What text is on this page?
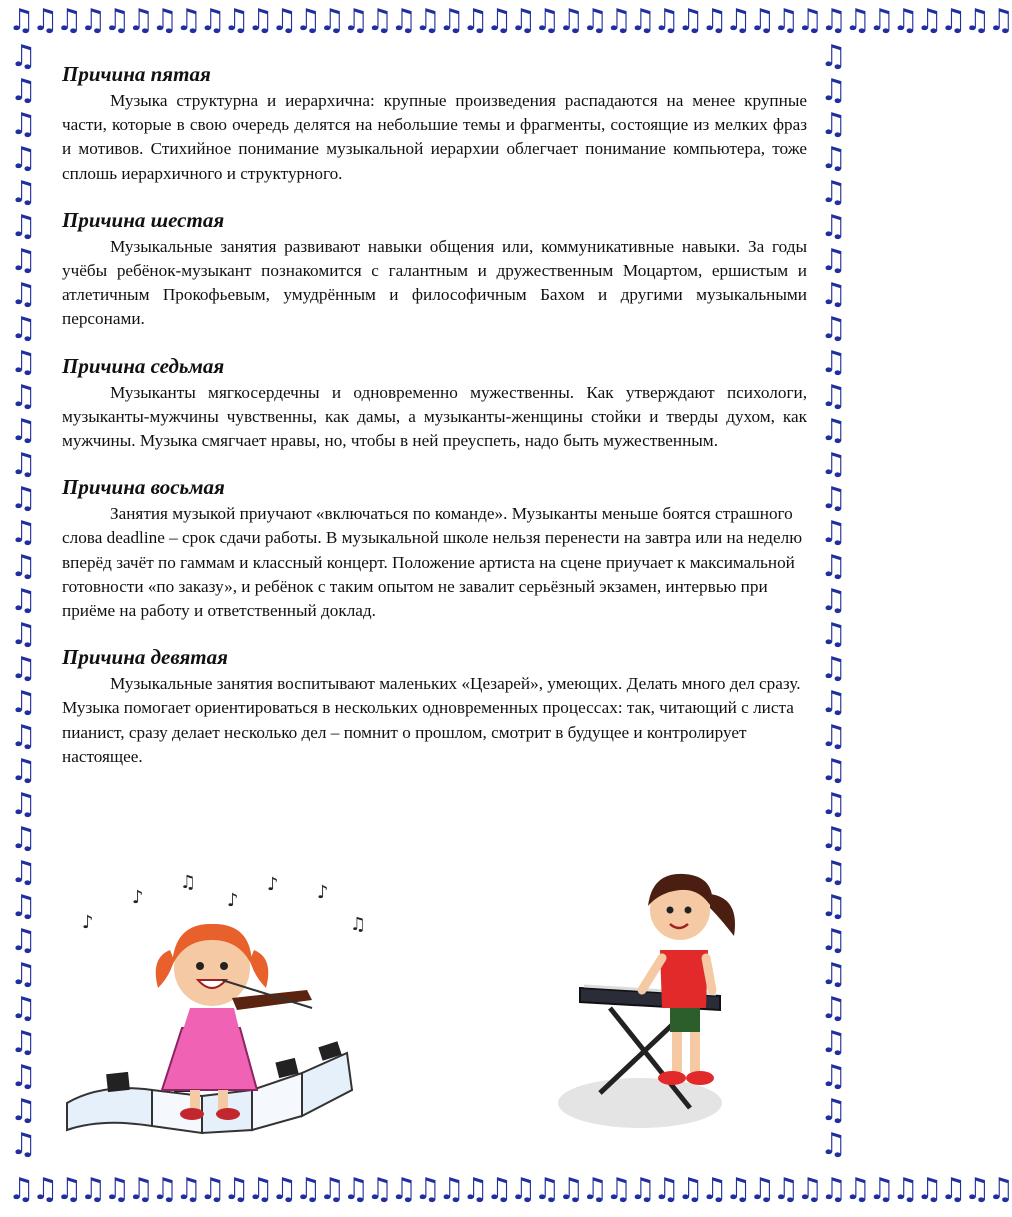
♫♫♫♫♫♫♫♫♫♫♫♫♫♫♫♫♫♫♫♫♫♫♫♫♫♫♫♫♫♫♫♫♫♫♫♫♫♫♫♫♫♫
♫♫♫♫♫♫♫♫♫♫♫♫♫♫♫♫♫♫♫♫♫♫♫♫♫♫♫♫♫♫♫♫♫♫♫♫♫♫♫♫♫♫
♫ ♫ ♫ ♫ ♫ ♫ ♫ ♫ ♫ ♫ ♫ ♫ ♫ ♫ ♫ ♫ ♫ ♫ ♫ ♫ ♫ ♫ ♫ ♫ ♫ ♫ ♫ ♫ ♫ ♫ ♫ ♫ ♫
♫ ♫ ♫ ♫ ♫ ♫ ♫ ♫ ♫ ♫ ♫ ♫ ♫ ♫ ♫ ♫ ♫ ♫ ♫ ♫ ♫ ♫ ♫ ♫ ♫ ♫ ♫ ♫ ♫ ♫ ♫ ♫ ♫
Причина пятая

Музыка структурна и иерархична: крупные произведения распадаются на менее крупные части, которые в свою очередь делятся на небольшие темы и фрагменты, состоящие из мелких фраз и мотивов. Стихийное понимание музыкальной иерархии облегчает понимание компьютера, тоже сплошь иерархичного и структурного.

Причина шестая

Музыкальные занятия развивают навыки общения или, коммуникативные навыки. За годы учёбы ребёнок-музыкант познакомится с галантным и дружественным Моцартом, ершистым и атлетичным Прокофьевым, умудрённым и философичным Бахом и другими музыкальными персонами.

Причина седьмая

Музыканты мягкосердечны и одновременно мужественны. Как утверждают психологи, музыканты-мужчины чувственны, как дамы, а музыканты-женщины стойки и тверды духом, как мужчины. Музыка смягчает нравы, но, чтобы в ней преуспеть, надо быть мужественным.

Причина восьмая

Занятия музыкой приучают «включаться по команде». Музыканты меньше боятся страшного слова deadline – срок сдачи работы. В музыкальной школе нельзя перенести на завтра или на неделю вперёд зачёт по гаммам и классный концерт. Положение артиста на сцене приучает к максимальной готовности «по заказу», и ребёнок с таким опытом не завалит серьёзный экзамен, интервью при приёме на работу и ответственный доклад.

Причина девятая

Музыкальные занятия воспитывают маленьких «Цезарей», умеющих. Делать много дел сразу. Музыка помогает ориентироваться в нескольких одновременных процессах: так, читающий с листа пианист, сразу делает несколько дел – помнит о прошлом, смотрит в будущее и контролирует настоящее.

♪
♪
♫
♪
♪ ♪
♫
